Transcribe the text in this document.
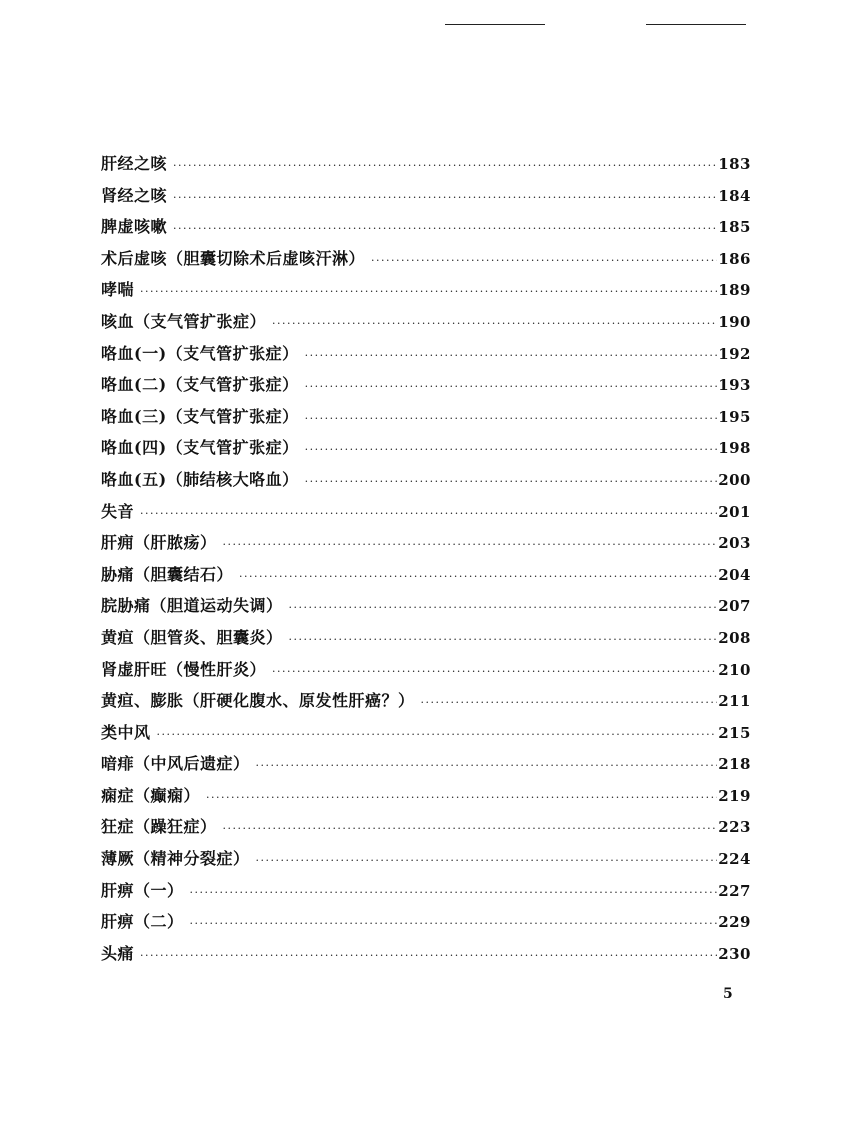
肝经之咳 ·····	183
肾经之咳 ·····	184
脾虚咳嗽 ·····	185
术后虚咳（胆囊切除术后虚咳汗淋） ·····	186
哮喘 ·····	189
咳血（支气管扩张症） ·····	190
咯血(一)（支气管扩张症） ·····	192
咯血(二)（支气管扩张症） ·····	193
咯血(三)（支气管扩张症） ·····	195
咯血(四)（支气管扩张症） ·····	198
咯血(五)（肺结核大咯血） ·····	200
失音 ·····	201
肝痈（肝脓疡） ·····	203
胁痛（胆囊结石） ·····	204
脘胁痛（胆道运动失调） ·····	207
黄疸（胆管炎、胆囊炎） ·····	208
肾虚肝旺（慢性肝炎） ·····	210
黄疸、膨胀（肝硬化腹水、原发性肝癌？） ·····	211
类中风 ·····	215
喑痱（中风后遗症） ·····	218
痫症（癫痫） ·····	219
狂症（躁狂症） ·····	223
薄厥（精神分裂症） ·····	224
肝痹（一） ·····	227
肝痹（二） ·····	229
头痛 ·····	230
5
